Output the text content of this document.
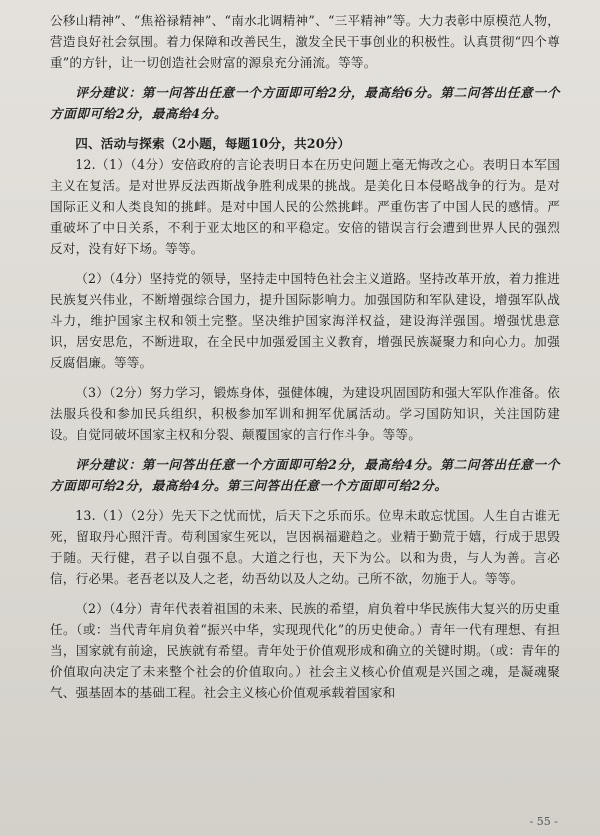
公移山精神”、“焦裕禄精神”、“南水北调精神”、“三平精神”等。大力表彰中原模范人物，营造良好社会氛围。着力保障和改善民生，激发全民干事创业的积极性。认真贯彻“四个尊重”的方针，让一切创造社会财富的源泉充分涌流。等等。

评分建议：第一问答出任意一个方面即可给2分，最高给6分。第二问答出任意一个方面即可给2分，最高给4分。

四、活动与探索（2小题，每题10分，共20分）

12.（1）（4分）安倍政府的言论表明日本在历史问题上毫无悔改之心。表明日本军国主义在复活。是对世界反法西斯战争胜利成果的挑战。是美化日本侵略战争的行为。是对国际正义和人类良知的挑衅。是对中国人民的公然挑衅。严重伤害了中国人民的感情。严重破坏了中日关系，不利于亚太地区的和平稳定。安倍的错误言行会遭到世界人民的强烈反对，没有好下场。等等。

（2）（4分）坚持党的领导，坚持走中国特色社会主义道路。坚持改革开放，着力推进民族复兴伟业，不断增强综合国力，提升国际影响力。加强国防和军队建设，增强军队战斗力，维护国家主权和领土完整。坚决维护国家海洋权益，建设海洋强国。增强忧患意识，居安思危，不断进取，在全民中加强爱国主义教育，增强民族凝聚力和向心力。加强反腐倡廉。等等。

（3）（2分）努力学习，锻炼身体，强健体魄，为建设巩固国防和强大军队作准备。依法服兵役和参加民兵组织，积极参加军训和拥军优属活动。学习国防知识，关注国防建设。自觉同破坏国家主权和分裂、颠覆国家的言行作斗争。等等。

评分建议：第一问答出任意一个方面即可给2分，最高给4分。第二问答出任意一个方面即可给2分，最高给4分。第三问答出任意一个方面即可给2分。

13.（1）（2分）先天下之忧而忧，后天下之乐而乐。位卑未敢忘忧国。人生自古谁无死，留取丹心照汗青。苟利国家生死以，岂因祸福避趋之。业精于勤荒于嬉，行成于思毁于随。天行健，君子以自强不息。大道之行也，天下为公。以和为贵，与人为善。言必信，行必果。老吾老以及人之老，幼吾幼以及人之幼。己所不欲，勿施于人。等等。

（2）（4分）青年代表着祖国的未来、民族的希望，肩负着中华民族伟大复兴的历史重任。（或：当代青年肩负着“振兴中华，实现现代化”的历史使命。）青年一代有理想、有担当，国家就有前途，民族就有希望。青年处于价值观形成和确立的关键时期。（或：青年的价值取向决定了未来整个社会的价值取向。）社会主义核心价值观是兴国之魂，是凝魂聚气、强基固本的基础工程。社会主义核心价值观承载着国家和

- 55 -
